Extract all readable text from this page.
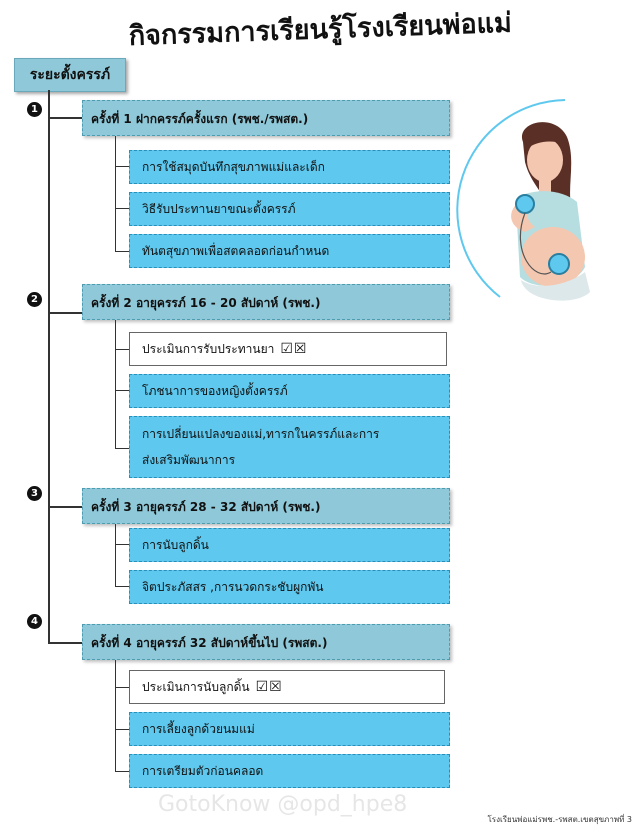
กิจกรรมการเรียนรู้โรงเรียนพ่อแม่
ระยะตั้งครรภ์
1
2
3
4
ครั้งที่ 1 ฝากครรภ์ครั้งแรก (รพช./รพสต.)
การใช้สมุดบันทึกสุขภาพแม่และเด็ก
วิธีรับประทานยาขณะตั้งครรภ์
ทันตสุขภาพเพื่อสตคลอดก่อนกำหนด
ครั้งที่ 2 อายุครรภ์ 16 - 20 สัปดาห์ (รพช.)
ประเมินการรับประทานยา ☑☒
โภชนาการของหญิงตั้งครรภ์
การเปลี่ยนแปลงของแม่,ทารกในครรภ์และการ
ส่งเสริมพัฒนาการ
ครั้งที่ 3 อายุครรภ์ 28 - 32 สัปดาห์ (รพช.)
การนับลูกดิ้น
จิตประภัสสร ,การนวดกระชับผูกพัน
ครั้งที่ 4 อายุครรภ์ 32 สัปดาห์ขึ้นไป (รพสต.)
ประเมินการนับลูกดิ้น ☑☒
การเลี้ยงลูกด้วยนมแม่
การเตรียมตัวก่อนคลอด
GotoKnow @opd_hpe8
โรงเรียนพ่อแม่รพช.-รพสต.เขตสุขภาพที่ 3
